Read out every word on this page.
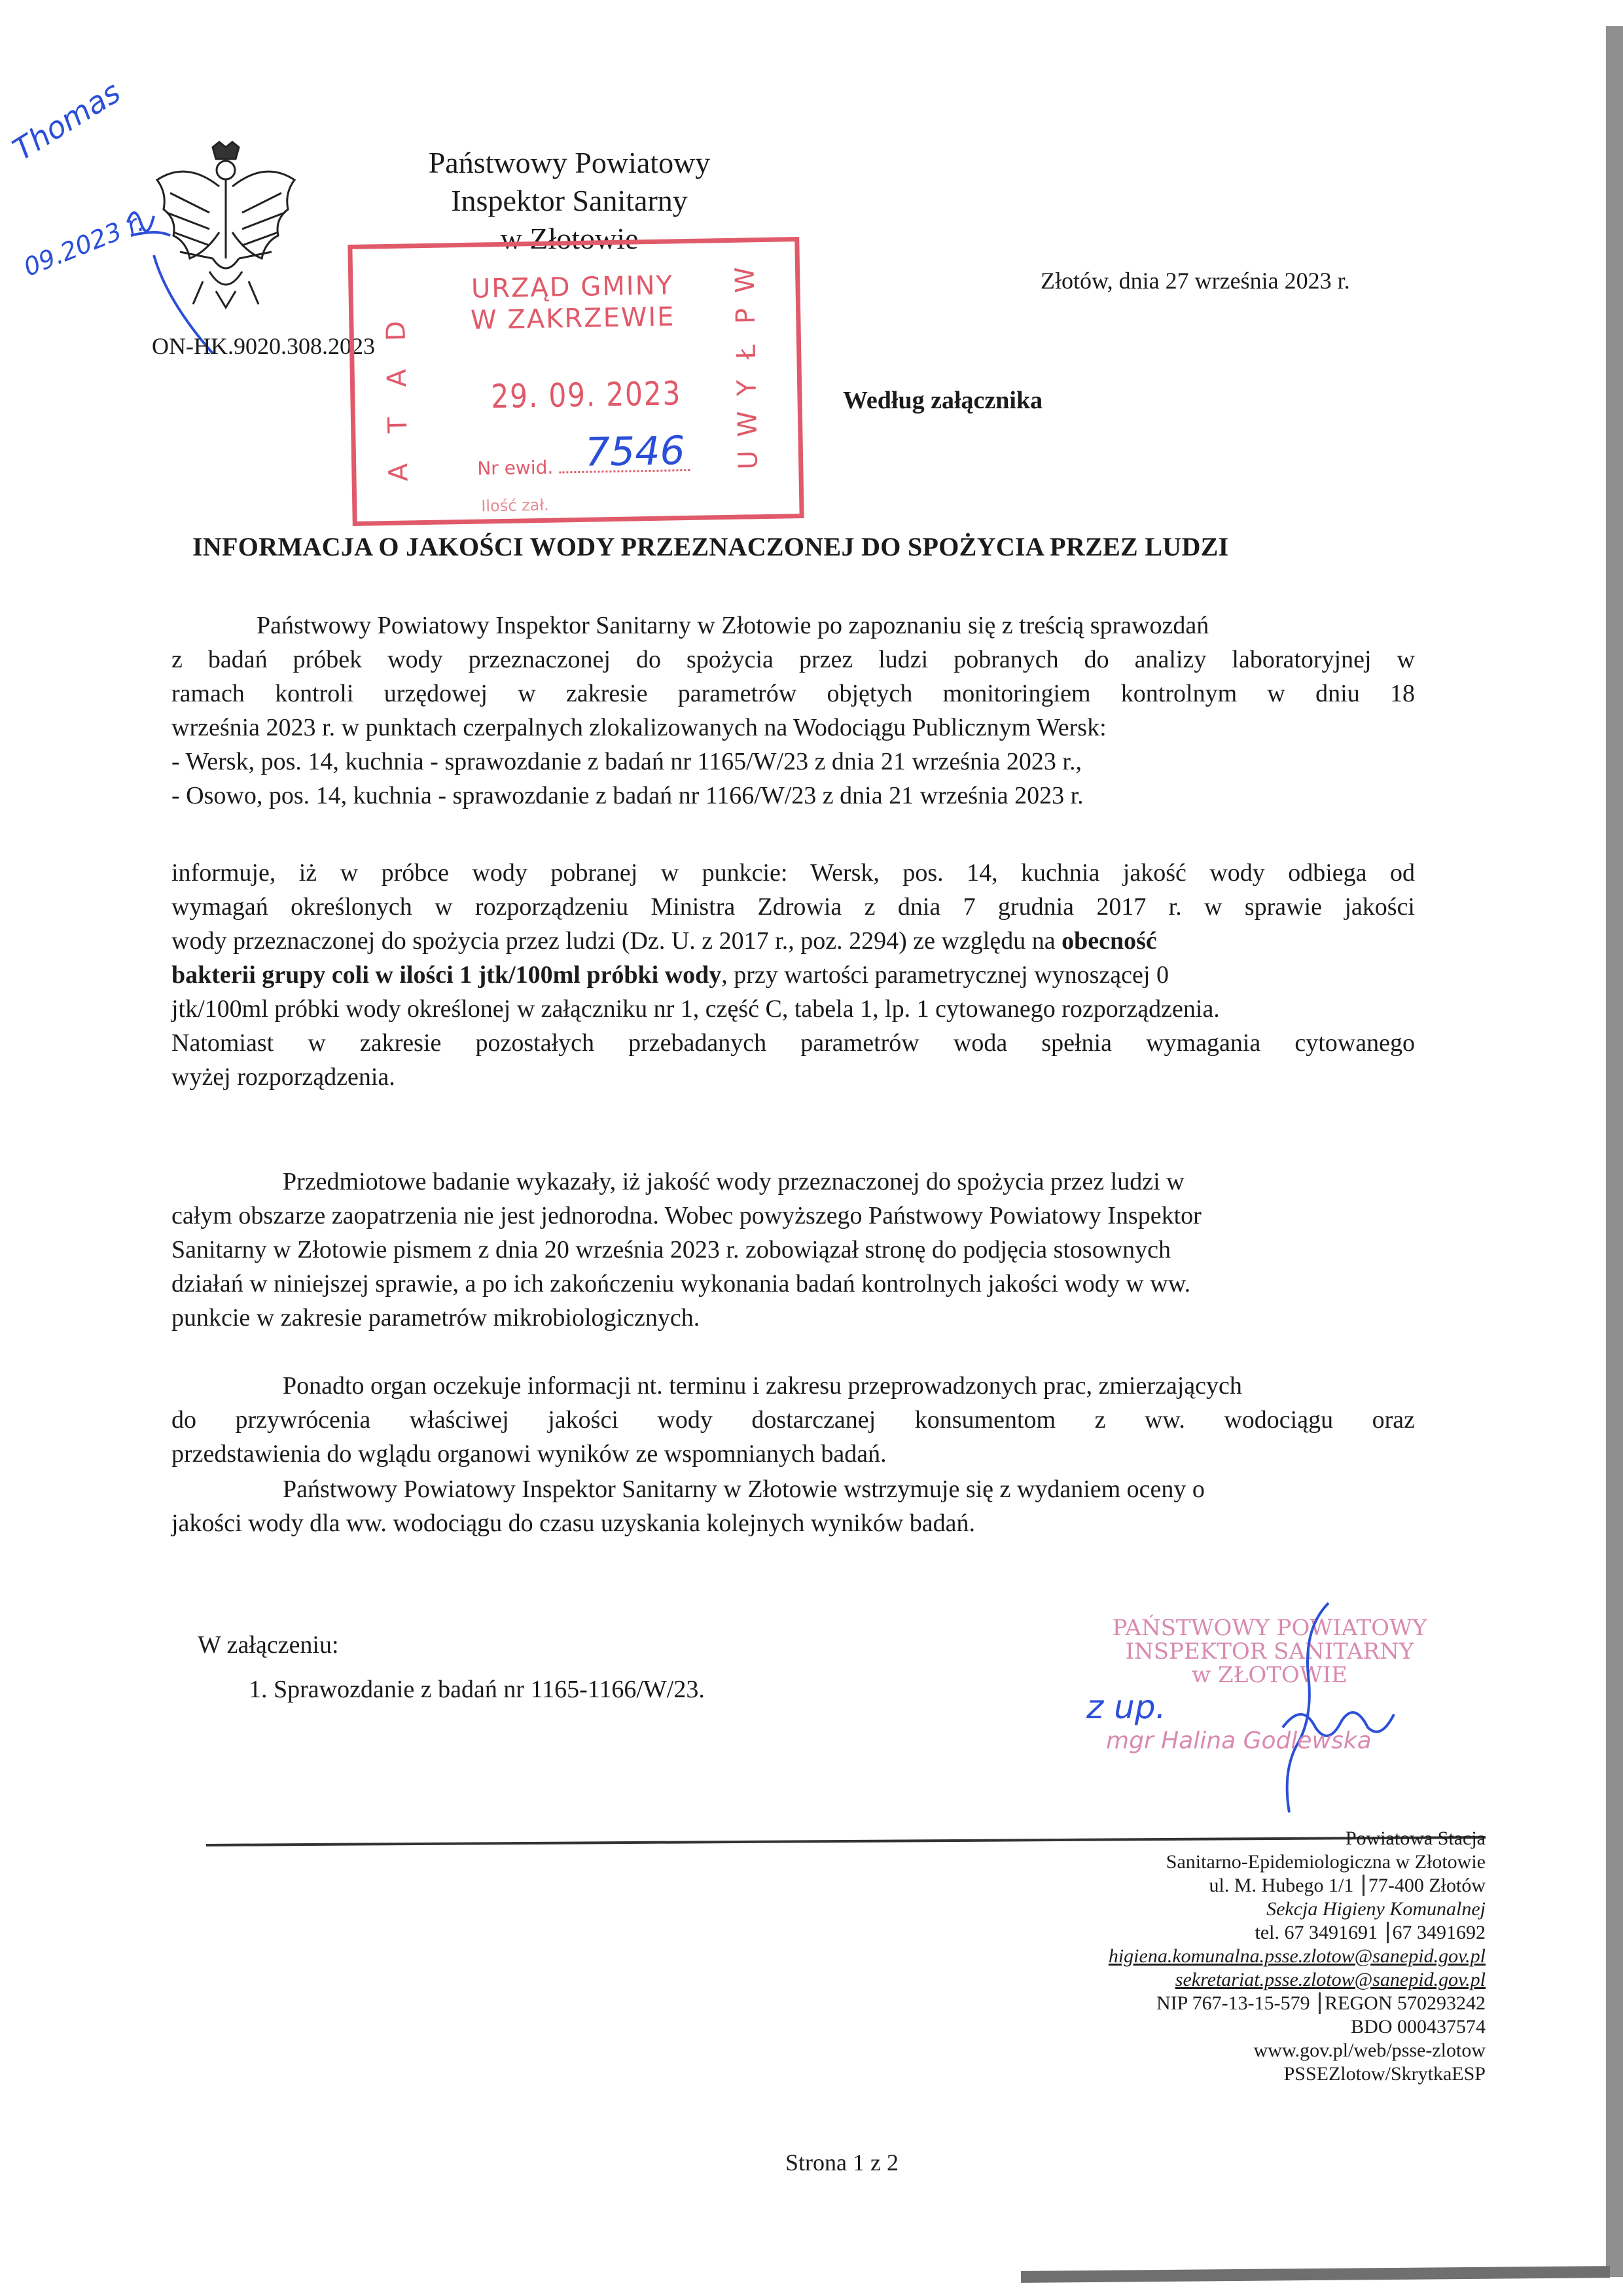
Thomas
09.2023 r.
Państwowy Powiatowy
Inspektor Sanitarny
w Złotowie
Złotów, dnia 27 września 2023 r.
ON-HK.9020.308.2023
Według załącznika
D
A
T
A
URZĄD GMINY
W ZAKRZEWIE
29. 09. 2023
Nr ewid. 7546
Ilość zał.
W
P
Ł
Y
W
U
INFORMACJA O JAKOŚCI WODY PRZEZNACZONEJ DO SPOŻYCIA PRZEZ LUDZI
Państwowy Powiatowy Inspektor Sanitarny w Złotowie po zapoznaniu się z treścią sprawozdań
z badań próbek wody przeznaczonej do spożycia przez ludzi pobranych do analizy laboratoryjnej w
ramach kontroli urzędowej w zakresie parametrów objętych monitoringiem kontrolnym w dniu 18
września 2023 r. w punktach czerpalnych zlokalizowanych na Wodociągu Publicznym Wersk:
- Wersk, pos. 14, kuchnia - sprawozdanie z badań nr 1165/W/23 z dnia 21 września 2023 r.,
- Osowo, pos. 14, kuchnia - sprawozdanie z badań nr 1166/W/23 z dnia 21 września 2023 r.
informuje, iż w próbce wody pobranej w punkcie: Wersk, pos. 14, kuchnia jakość wody odbiega od
wymagań określonych w rozporządzeniu Ministra Zdrowia z dnia 7 grudnia 2017 r. w sprawie jakości
wody przeznaczonej do spożycia przez ludzi (Dz. U. z 2017 r., poz. 2294) ze względu na obecność
bakterii grupy coli w ilości 1 jtk/100ml próbki wody, przy wartości parametrycznej wynoszącej 0
jtk/100ml próbki wody określonej w załączniku nr 1, część C, tabela 1, lp. 1 cytowanego rozporządzenia.
Natomiast w zakresie pozostałych przebadanych parametrów woda spełnia wymagania cytowanego
wyżej rozporządzenia.
Przedmiotowe badanie wykazały, iż jakość wody przeznaczonej do spożycia przez ludzi w
całym obszarze zaopatrzenia nie jest jednorodna. Wobec powyższego Państwowy Powiatowy Inspektor
Sanitarny w Złotowie pismem z dnia 20 września 2023 r. zobowiązał stronę do podjęcia stosownych
działań w niniejszej sprawie, a po ich zakończeniu wykonania badań kontrolnych jakości wody w ww.
punkcie w zakresie parametrów mikrobiologicznych.
Ponadto organ oczekuje informacji nt. terminu i zakresu przeprowadzonych prac, zmierzających
do przywrócenia właściwej jakości wody dostarczanej konsumentom z ww. wodociągu oraz
przedstawienia do wglądu organowi wyników ze wspomnianych badań.
Państwowy Powiatowy Inspektor Sanitarny w Złotowie wstrzymuje się z wydaniem oceny o
jakości wody dla ww. wodociągu do czasu uzyskania kolejnych wyników badań.
W załączeniu:
1. Sprawozdanie z badań nr 1165-1166/W/23.
PAŃSTWOWY POWIATOWY
INSPEKTOR SANITARNY
w ZŁOTOWIE
z up.
mgr Halina Godlewska
Powiatowa Stacja
Sanitarno-Epidemiologiczna w Złotowie
ul. M. Hubego 1/1 77-400 Złotów
Sekcja Higieny Komunalnej
tel. 67 3491691 67 3491692
higiena.komunalna.psse.zlotow@sanepid.gov.pl
sekretariat.psse.zlotow@sanepid.gov.pl
NIP 767-13-15-579 REGON 570293242
BDO 000437574
www.gov.pl/web/psse-zlotow
PSSEZlotow/SkrytkaESP
Strona 1 z 2
